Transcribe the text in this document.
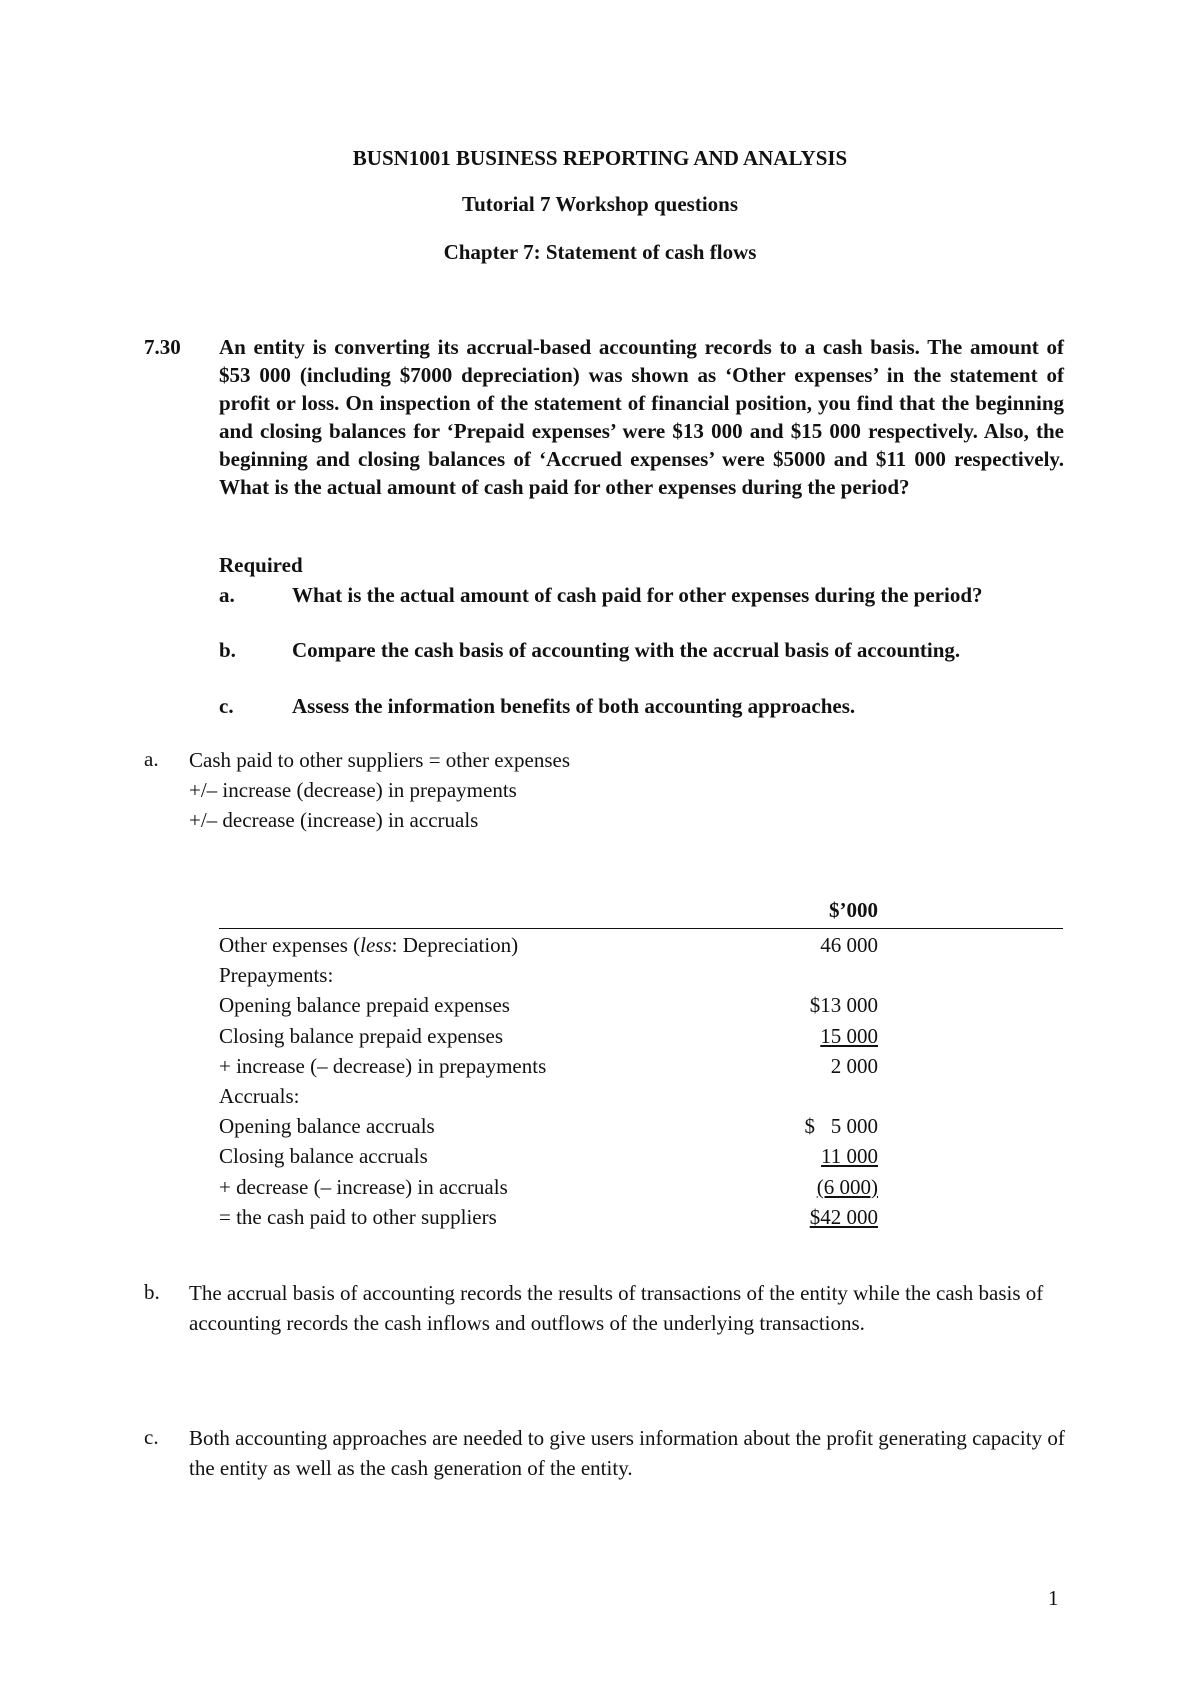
BUSN1001 BUSINESS REPORTING AND ANALYSIS
Tutorial 7 Workshop questions
Chapter 7: Statement of cash flows
7.30 An entity is converting its accrual-based accounting records to a cash basis. The amount of $53 000 (including $7000 depreciation) was shown as ‘Other expenses’ in the statement of profit or loss. On inspection of the statement of financial position, you find that the beginning and closing balances for ‘Prepaid expenses’ were $13 000 and $15 000 respectively. Also, the beginning and closing balances of ‘Accrued expenses’ were $5000 and $11 000 respectively. What is the actual amount of cash paid for other expenses during the period?
Required
a.	What is the actual amount of cash paid for other expenses during the period?
b.	Compare the cash basis of accounting with the accrual basis of accounting.
c.	Assess the information benefits of both accounting approaches.
a. Cash paid to other suppliers = other expenses
+/– increase (decrease) in prepayments
+/– decrease (increase) in accruals
$’000
Other expenses (less: Depreciation)	46 000
Prepayments:
Opening balance prepaid expenses	$13 000
Closing balance prepaid expenses	15 000
+ increase (– decrease) in prepayments	2 000
Accruals:
Opening balance accruals	$   5 000
Closing balance accruals	11 000
+ decrease (– increase) in accruals	(6 000)
= the cash paid to other suppliers	$42 000
b. The accrual basis of accounting records the results of transactions of the entity while the cash basis of accounting records the cash inflows and outflows of the underlying transactions.
c. Both accounting approaches are needed to give users information about the profit generating capacity of the entity as well as the cash generation of the entity.
1
